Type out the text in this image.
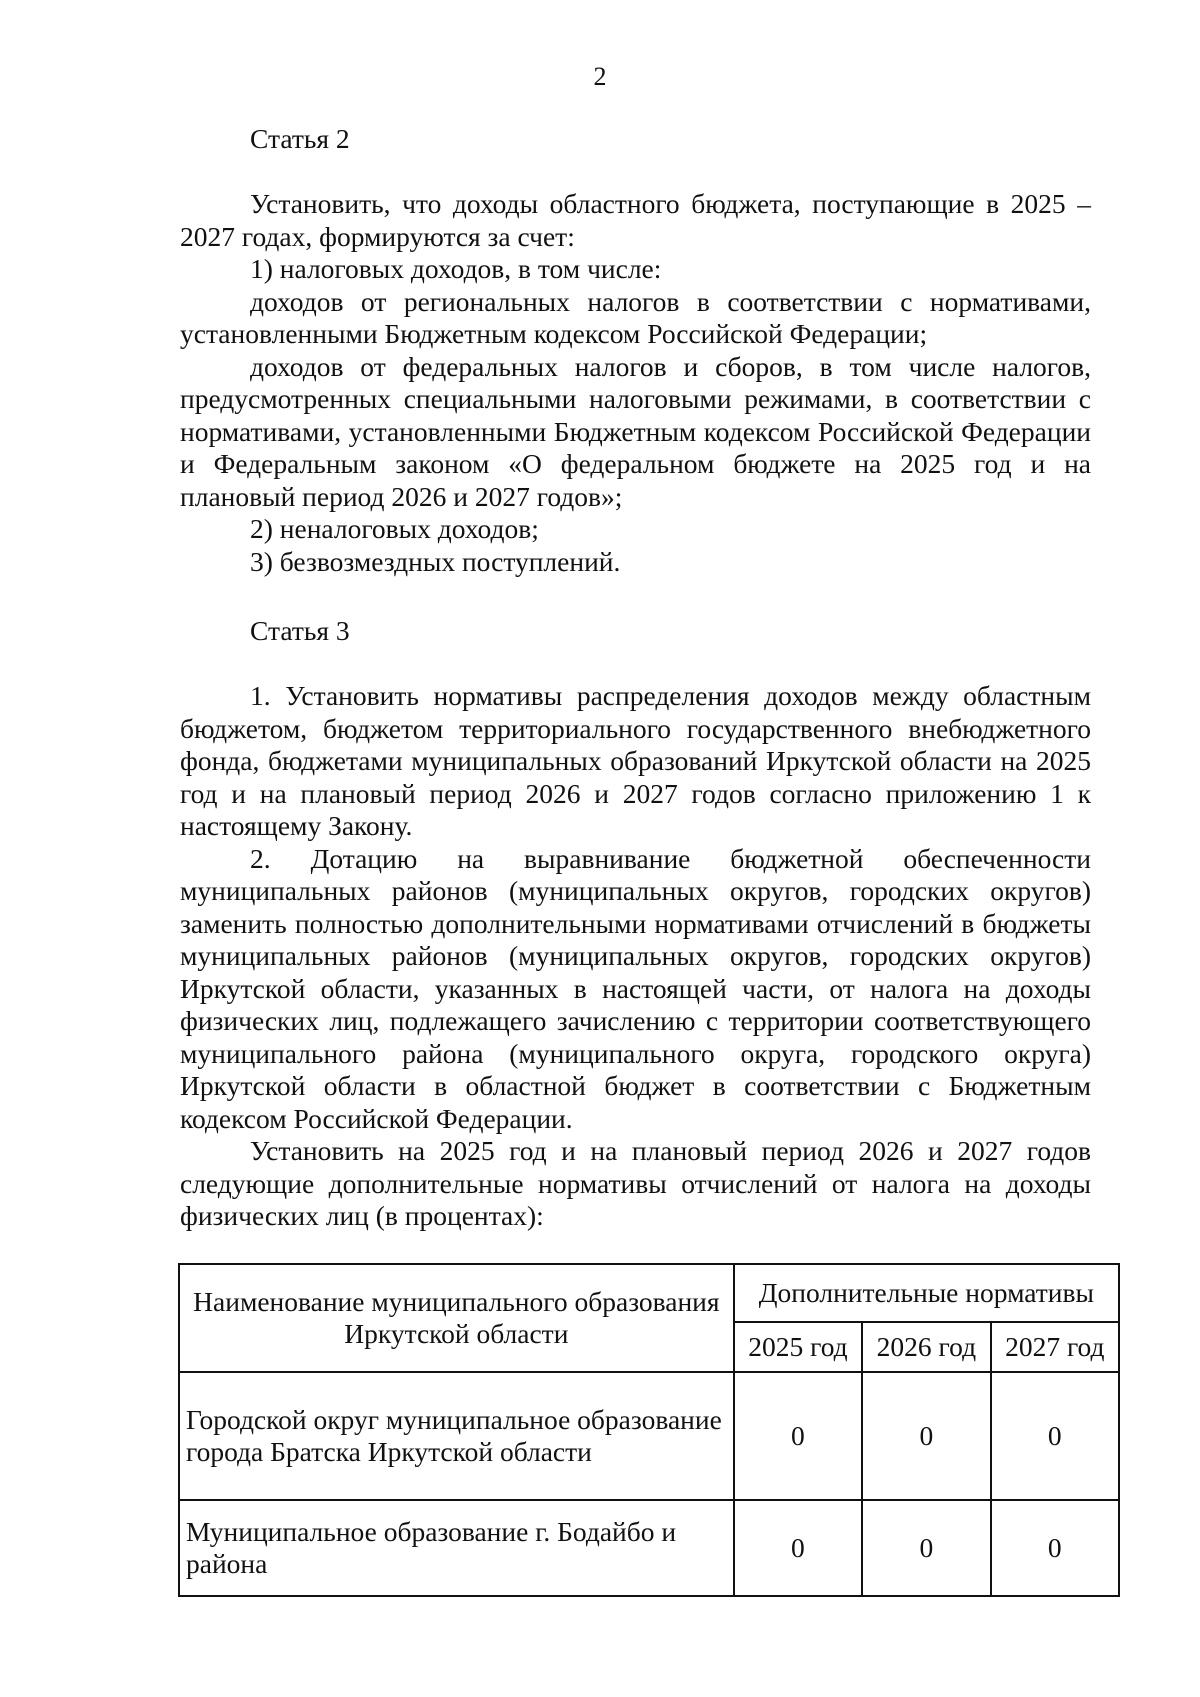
2
Статья 2

Установить, что доходы областного бюджета, поступающие в 2025 – 2027 годах, формируются за счет:

1) налоговых доходов, в том числе:

доходов от региональных налогов в соответствии с нормативами, установленными Бюджетным кодексом Российской Федерации;

доходов от федеральных налогов и сборов, в том числе налогов, предусмотренных специальными налоговыми режимами, в соответствии с нормативами, установленными Бюджетным кодексом Российской Федерации и Федеральным законом «О федеральном бюджете на 2025 год и на плановый период 2026 и 2027 годов»;

2) неналоговых доходов;

3) безвозмездных поступлений.

Статья 3

1. Установить нормативы распределения доходов между областным бюджетом, бюджетом территориального государственного внебюджетного фонда, бюджетами муниципальных образований Иркутской области на 2025 год и на плановый период 2026 и 2027 годов согласно приложению 1 к настоящему Закону.

2. Дотацию на выравнивание бюджетной обеспеченности муниципальных районов (муниципальных округов, городских округов) заменить полностью дополнительными нормативами отчислений в бюджеты муниципальных районов (муниципальных округов, городских округов) Иркутской области, указанных в настоящей части, от налога на доходы физических лиц, подлежащего зачислению с территории соответствующего муниципального района (муниципального округа, городского округа) Иркутской области в областной бюджет в соответствии с Бюджетным кодексом Российской Федерации.

Установить на 2025 год и на плановый период 2026 и 2027 годов следующие дополнительные нормативы отчислений от налога на доходы физических лиц (в процентах):

Наименование муниципального образования Иркутской области	Дополнительные нормативы		
	2025 год	2026 год	2027 год
Городской округ муниципальное образование города Братска Иркутской области	0	0	0
Муниципальное образование г. Бодайбо и района	0	0	0
